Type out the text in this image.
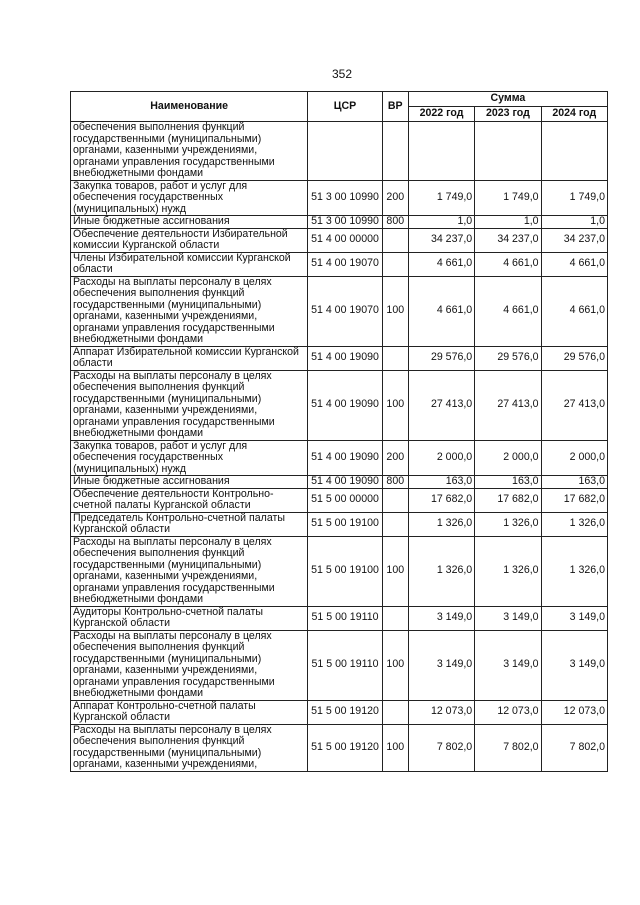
352
Наименование	ЦСР	ВР	Сумма		
			2022 год	2023 год	2024 год
обеспечения выполнения функций государственными (муниципальными) органами, казенными учреждениями, органами управления государственными внебюджетными фондами					
Закупка товаров, работ и услуг для обеспечения государственных (муниципальных) нужд	51 3 00 10990	200	1 749,0	1 749,0	1 749,0
Иные бюджетные ассигнования	51 3 00 10990	800	1,0	1,0	1,0
Обеспечение деятельности Избирательной комиссии Курганской области	51 4 00 00000		34 237,0	34 237,0	34 237,0
Члены Избирательной комиссии Курганской области	51 4 00 19070		4 661,0	4 661,0	4 661,0
Расходы на выплаты персоналу в целях обеспечения выполнения функций государственными (муниципальными) органами, казенными учреждениями, органами управления государственными внебюджетными фондами	51 4 00 19070	100	4 661,0	4 661,0	4 661,0
Аппарат Избирательной комиссии Курганской области	51 4 00 19090		29 576,0	29 576,0	29 576,0
Расходы на выплаты персоналу в целях обеспечения выполнения функций государственными (муниципальными) органами, казенными учреждениями, органами управления государственными внебюджетными фондами	51 4 00 19090	100	27 413,0	27 413,0	27 413,0
Закупка товаров, работ и услуг для обеспечения государственных (муниципальных) нужд	51 4 00 19090	200	2 000,0	2 000,0	2 000,0
Иные бюджетные ассигнования	51 4 00 19090	800	163,0	163,0	163,0
Обеспечение деятельности Контрольно-счетной палаты Курганской области	51 5 00 00000		17 682,0	17 682,0	17 682,0
Председатель Контрольно-счетной палаты Курганской области	51 5 00 19100		1 326,0	1 326,0	1 326,0
Расходы на выплаты персоналу в целях обеспечения выполнения функций государственными (муниципальными) органами, казенными учреждениями, органами управления государственными внебюджетными фондами	51 5 00 19100	100	1 326,0	1 326,0	1 326,0
Аудиторы Контрольно-счетной палаты Курганской области	51 5 00 19110		3 149,0	3 149,0	3 149,0
Расходы на выплаты персоналу в целях обеспечения выполнения функций государственными (муниципальными) органами, казенными учреждениями, органами управления государственными внебюджетными фондами	51 5 00 19110	100	3 149,0	3 149,0	3 149,0
Аппарат Контрольно-счетной палаты Курганской области	51 5 00 19120		12 073,0	12 073,0	12 073,0
Расходы на выплаты персоналу в целях обеспечения выполнения функций государственными (муниципальными) органами, казенными учреждениями,	51 5 00 19120	100	7 802,0	7 802,0	7 802,0
